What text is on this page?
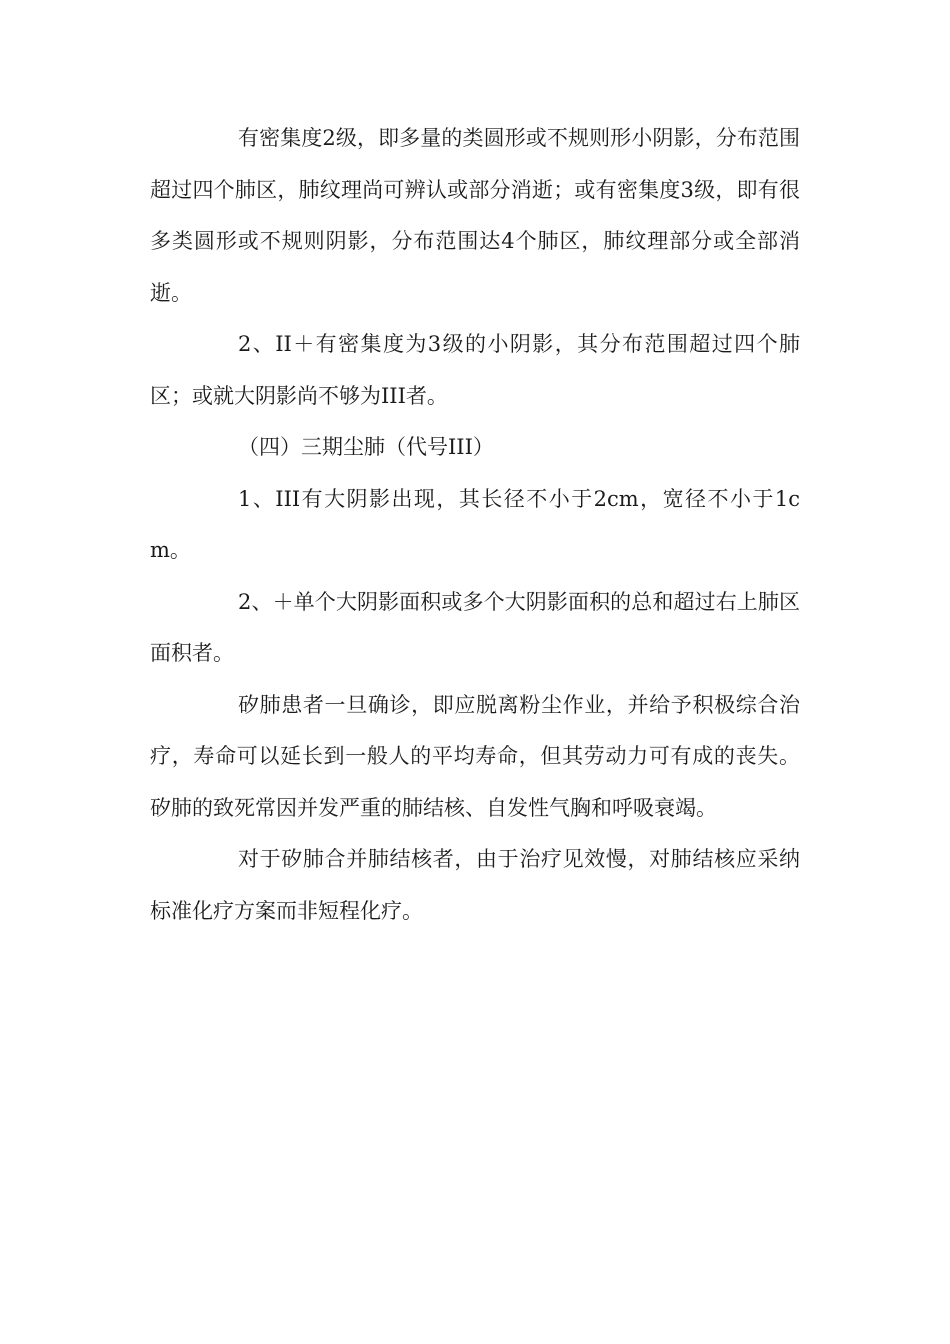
有密集度2级，即多量的类圆形或不规则形小阴影，分布范围超过四个肺区，肺纹理尚可辨认或部分消逝；或有密集度3级，即有很多类圆形或不规则阴影，分布范围达4个肺区，肺纹理部分或全部消逝。

2、II＋有密集度为3级的小阴影，其分布范围超过四个肺区；或就大阴影尚不够为III者。

（四）三期尘肺（代号III）

1、III有大阴影出现，其长径不小于2cm，宽径不小于1cm。

2、＋单个大阴影面积或多个大阴影面积的总和超过右上肺区面积者。

矽肺患者一旦确诊，即应脱离粉尘作业，并给予积极综合治疗，寿命可以延长到一般人的平均寿命，但其劳动力可有成的丧失。矽肺的致死常因并发严重的肺结核、自发性气胸和呼吸衰竭。

对于矽肺合并肺结核者，由于治疗见效慢，对肺结核应采纳标准化疗方案而非短程化疗。
